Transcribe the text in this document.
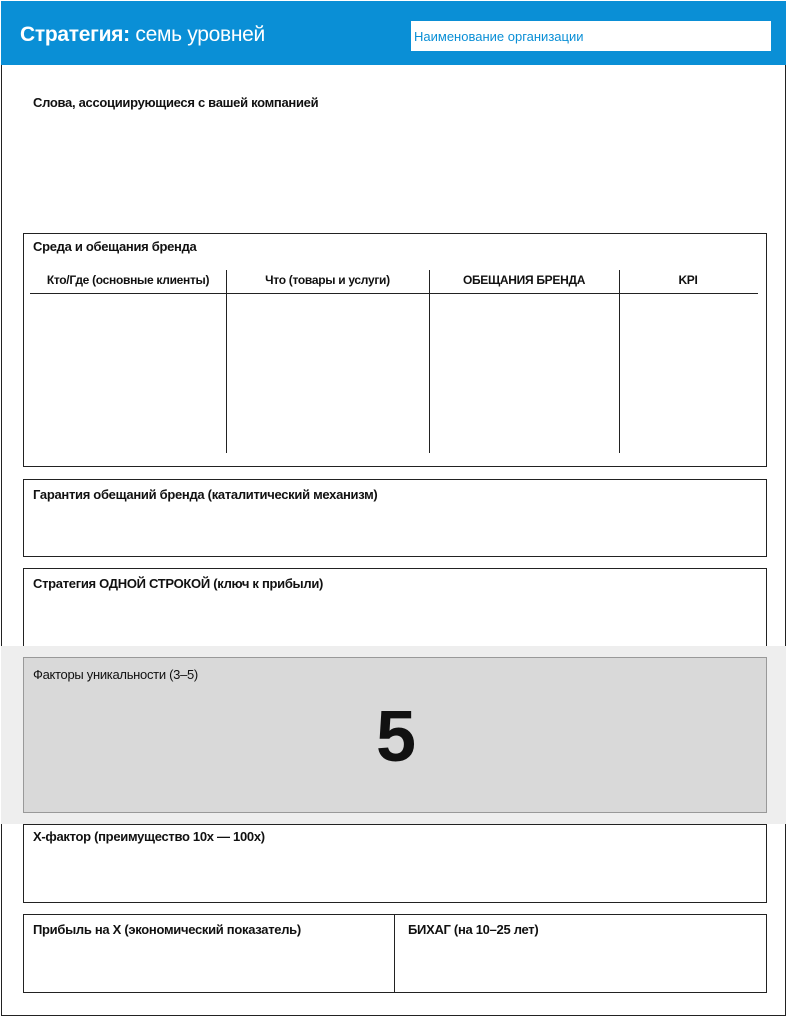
Стратегия: семь уровней
Наименование организации
Слова, ассоциирующиеся с вашей компанией
Среда и обещания бренда
Кто/Где (основные клиенты)	Что (товары и услуги)	ОБЕЩАНИЯ БРЕНДА	KPI
Гарантия обещаний бренда (каталитический механизм)
Стратегия ОДНОЙ СТРОКОЙ (ключ к прибыли)
Факторы уникальности (3–5)
5
X-фактор (преимущество 10x — 100x)
Прибыль на X (экономический показатель)	БИХАГ (на 10–25 лет)
